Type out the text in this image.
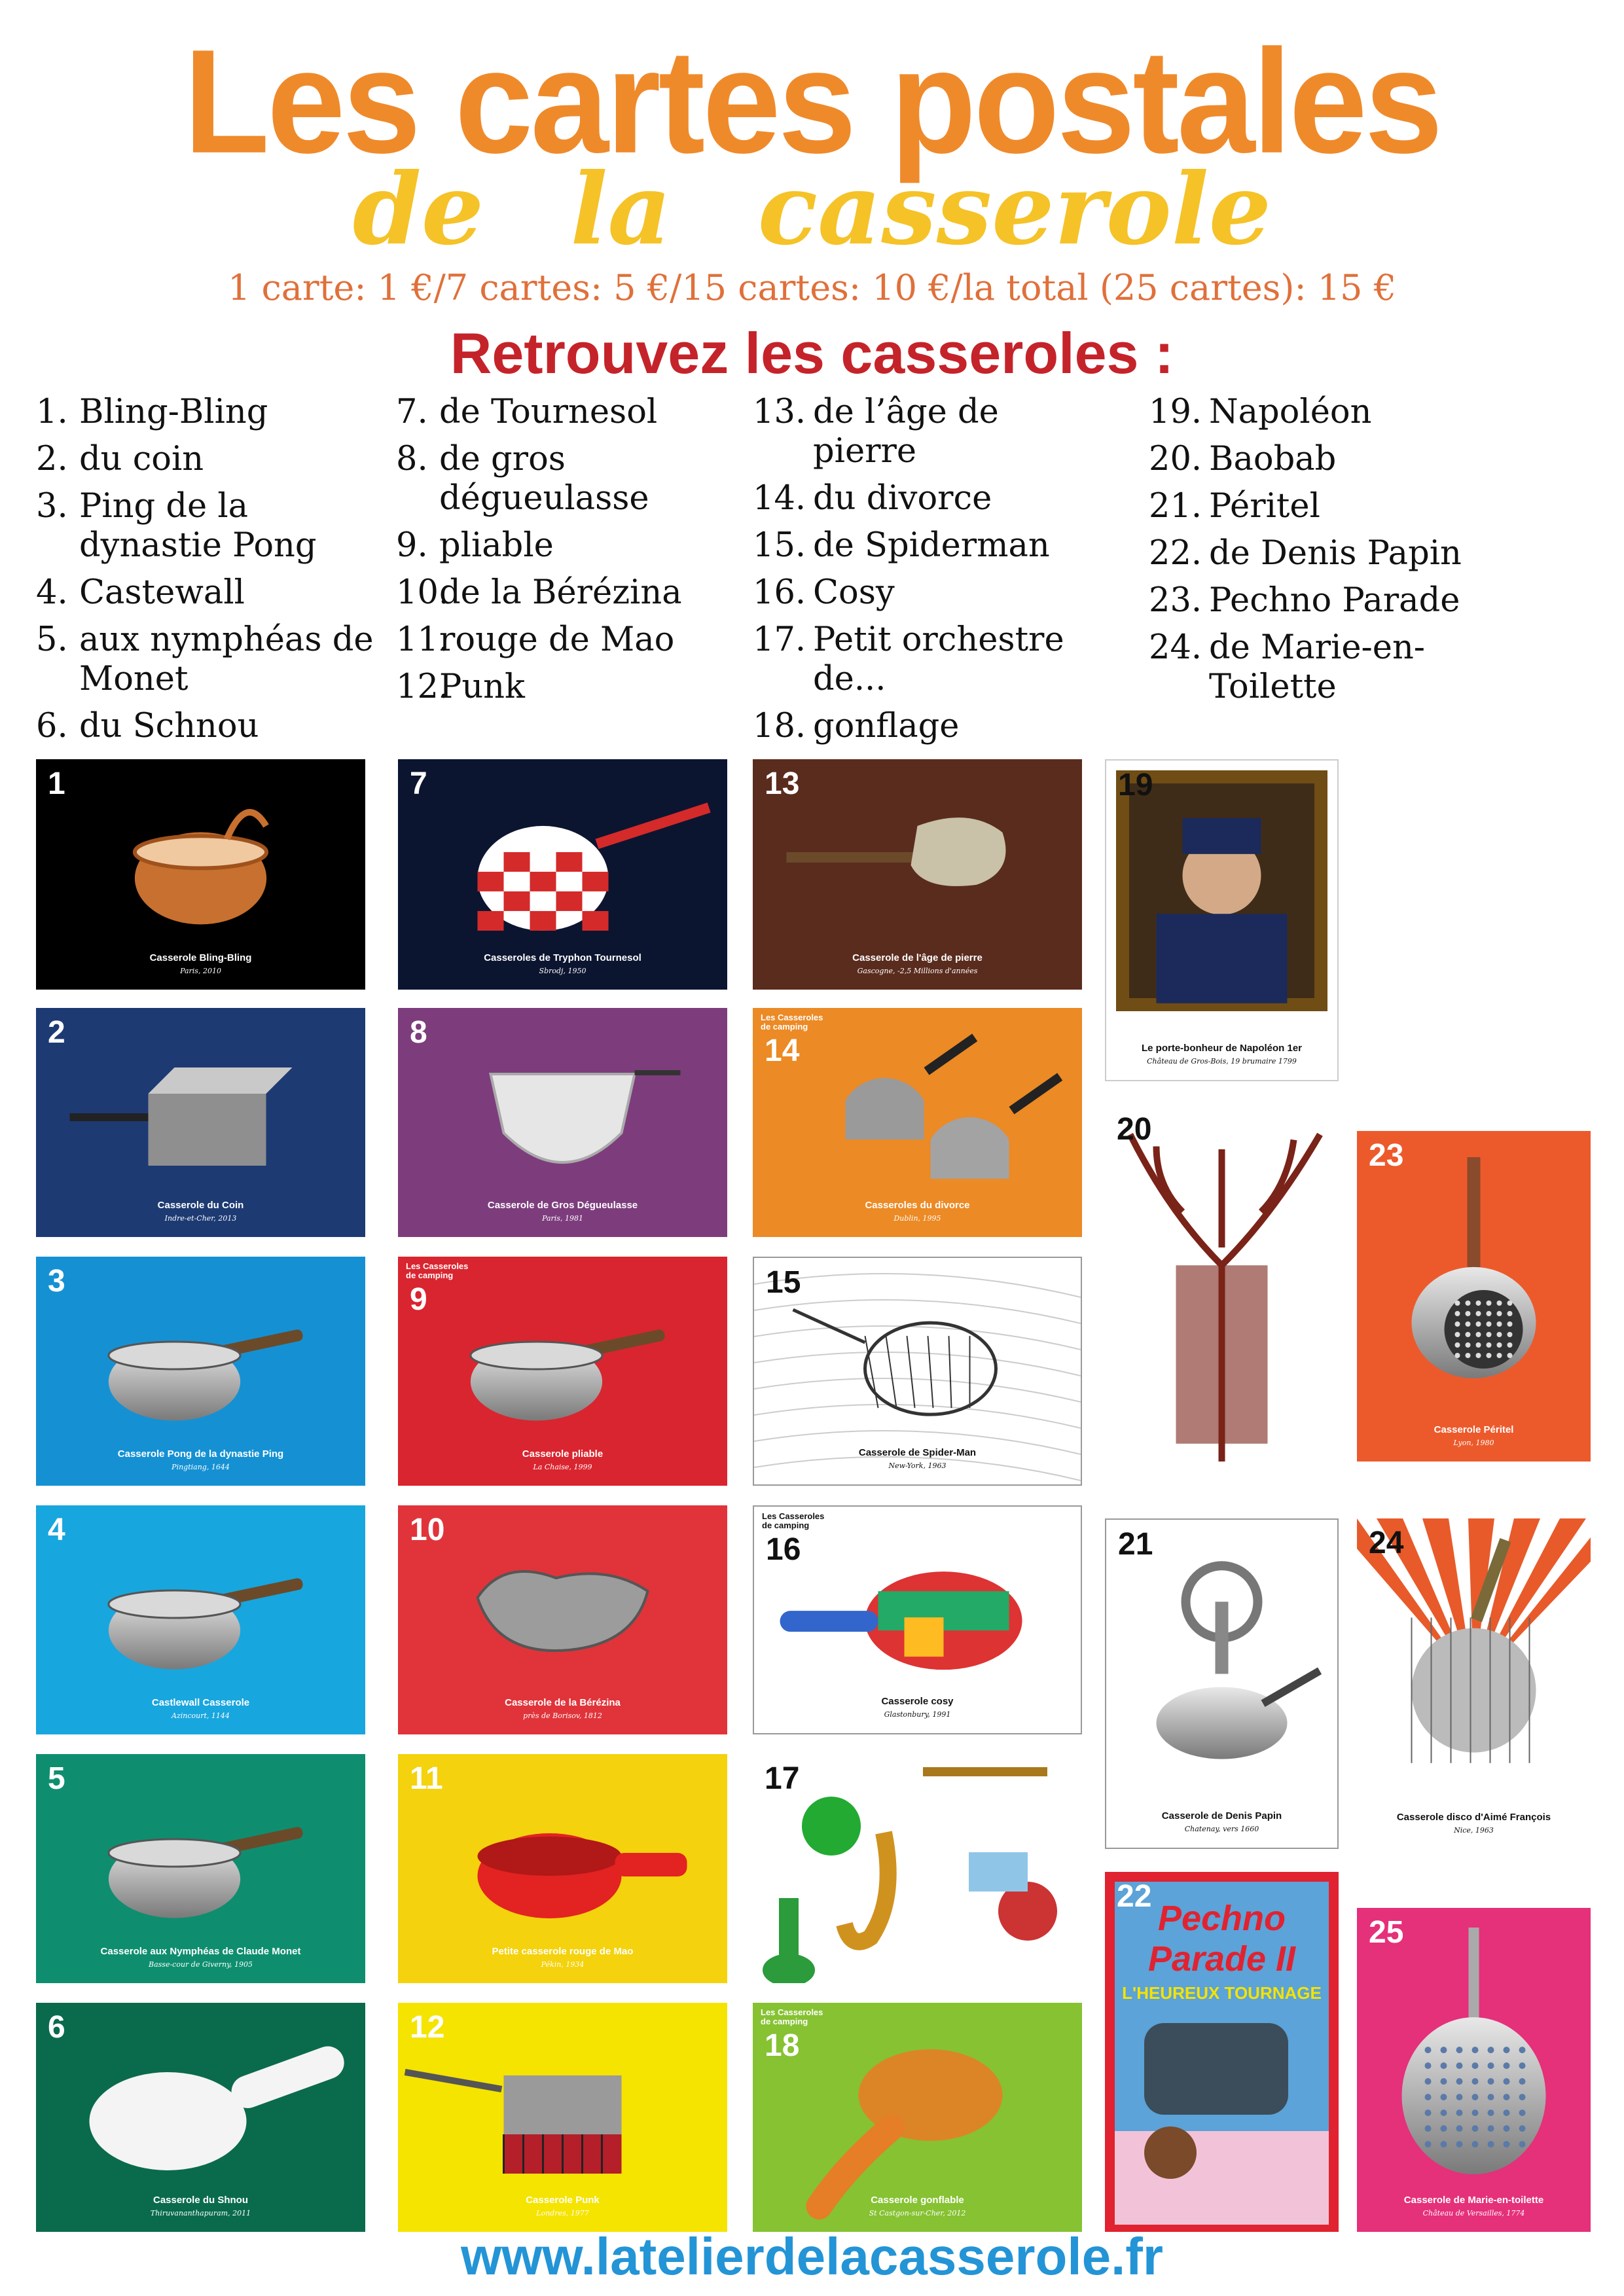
Les cartes postales
de la casserole
1 carte: 1 €/7 cartes: 5 €/15 cartes: 10 €/la total (25 cartes): 15 €
Retrouvez les casseroles :
1. Bling-Bling
2. du coin
3. Ping de la dynastie Pong
4. Castewall
5. aux nymphéas de Monet
6. du Schnou
7. de Tournesol
8. de gros dégueulasse
9. pliable
10.
de la Bérézina
11.
rouge de Mao
12.
Punk
13. de l’âge de pierre
14. du divorce
15. de Spiderman
16. Cosy
17. Petit orchestre de...
18. gonflage
19. Napoléon
20. Baobab
21. Péritel
22. de Denis Papin
23. Pechno Parade
24. de Marie-en-Toilette
1
Casserole Bling-Bling
Paris, 2010
2
Casserole du Coin
Indre-et-Cher, 2013
3
Casserole Pong de la dynastie Ping
Pingtiang, 1644
4
Castlewall Casserole
Azincourt, 1144
5
Casserole aux Nymphéas de Claude Monet
Basse-cour de Giverny, 1905
6
Casserole du Shnou
Thiruvananthapuram, 2011
7
Casseroles de Tryphon Tournesol
Sbrodj, 1950
8
Casserole de Gros Dégueulasse
Paris, 1981
9
Les Casseroles
de camping
Casserole pliable
La Chaise, 1999
10
Casserole de la Bérézina
près de Borisov, 1812
11
Petite casserole rouge de Mao
Pékin, 1934
12
Casserole Punk
Londres, 1977
13
Casserole de l'âge de pierre
Gascogne, -2,5 Millions d'années
14
Les Casseroles
de camping
Casseroles du divorce
Dublin, 1995
15
Casserole de Spider-Man
New-York, 1963
16
Les Casseroles
de camping
Casserole cosy
Glastonbury, 1991
17
18
Les Casseroles
de camping
Casserole gonflable
St Castgon-sur-Cher, 2012
19
Le porte-bonheur de Napoléon 1er
Château de Gros-Bois, 19 brumaire 1799
20
21
Casserole de Denis Papin
Chatenay, vers 1660
22
Pechno Parade II
L'HEUREUX TOURNAGE
23
Casserole Péritel
Lyon, 1980
24
Casserole disco d'Aimé François
Nice, 1963
25
Casserole de Marie-en-toilette
Château de Versailles, 1774
www.latelierdelacasserole.fr
